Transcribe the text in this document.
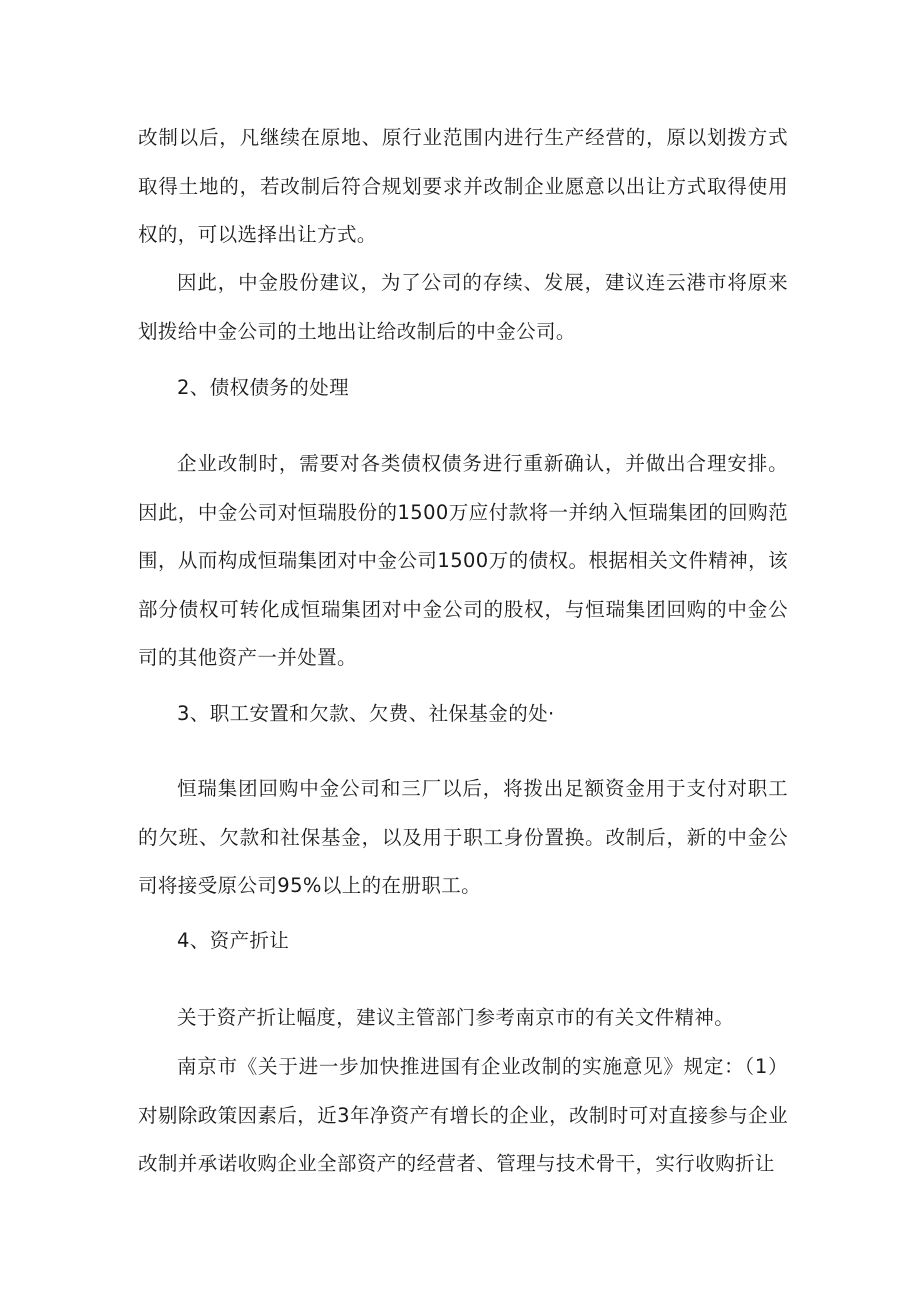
改制以后，凡继续在原地、原行业范围内进行生产经营的，原以划拨方式取得土地的，若改制后符合规划要求并改制企业愿意以出让方式取得使用权的，可以选择出让方式。

因此，中金股份建议，为了公司的存续、发展，建议连云港市将原来划拨给中金公司的土地出让给改制后的中金公司。

2、债权债务的处理

企业改制时，需要对各类债权债务进行重新确认，并做出合理安排。因此，中金公司对恒瑞股份的1500万应付款将一并纳入恒瑞集团的回购范围，从而构成恒瑞集团对中金公司1500万的债权。根据相关文件精神，该部分债权可转化成恒瑞集团对中金公司的股权，与恒瑞集团回购的中金公司的其他资产一并处置。

3、职工安置和欠款、欠费、社保基金的处·

恒瑞集团回购中金公司和三厂以后，将拨出足额资金用于支付对职工的欠班、欠款和社保基金，以及用于职工身份置换。改制后，新的中金公司将接受原公司95%以上的在册职工。

4、资产折让

关于资产折让幅度，建议主管部门参考南京市的有关文件精神。

南京市《关于进一步加快推进国有企业改制的实施意见》规定：（1）对剔除政策因素后，近3年净资产有增长的企业，改制时可对直接参与企业改制并承诺收购企业全部资产的经营者、管理与技术骨干，实行收购折让
